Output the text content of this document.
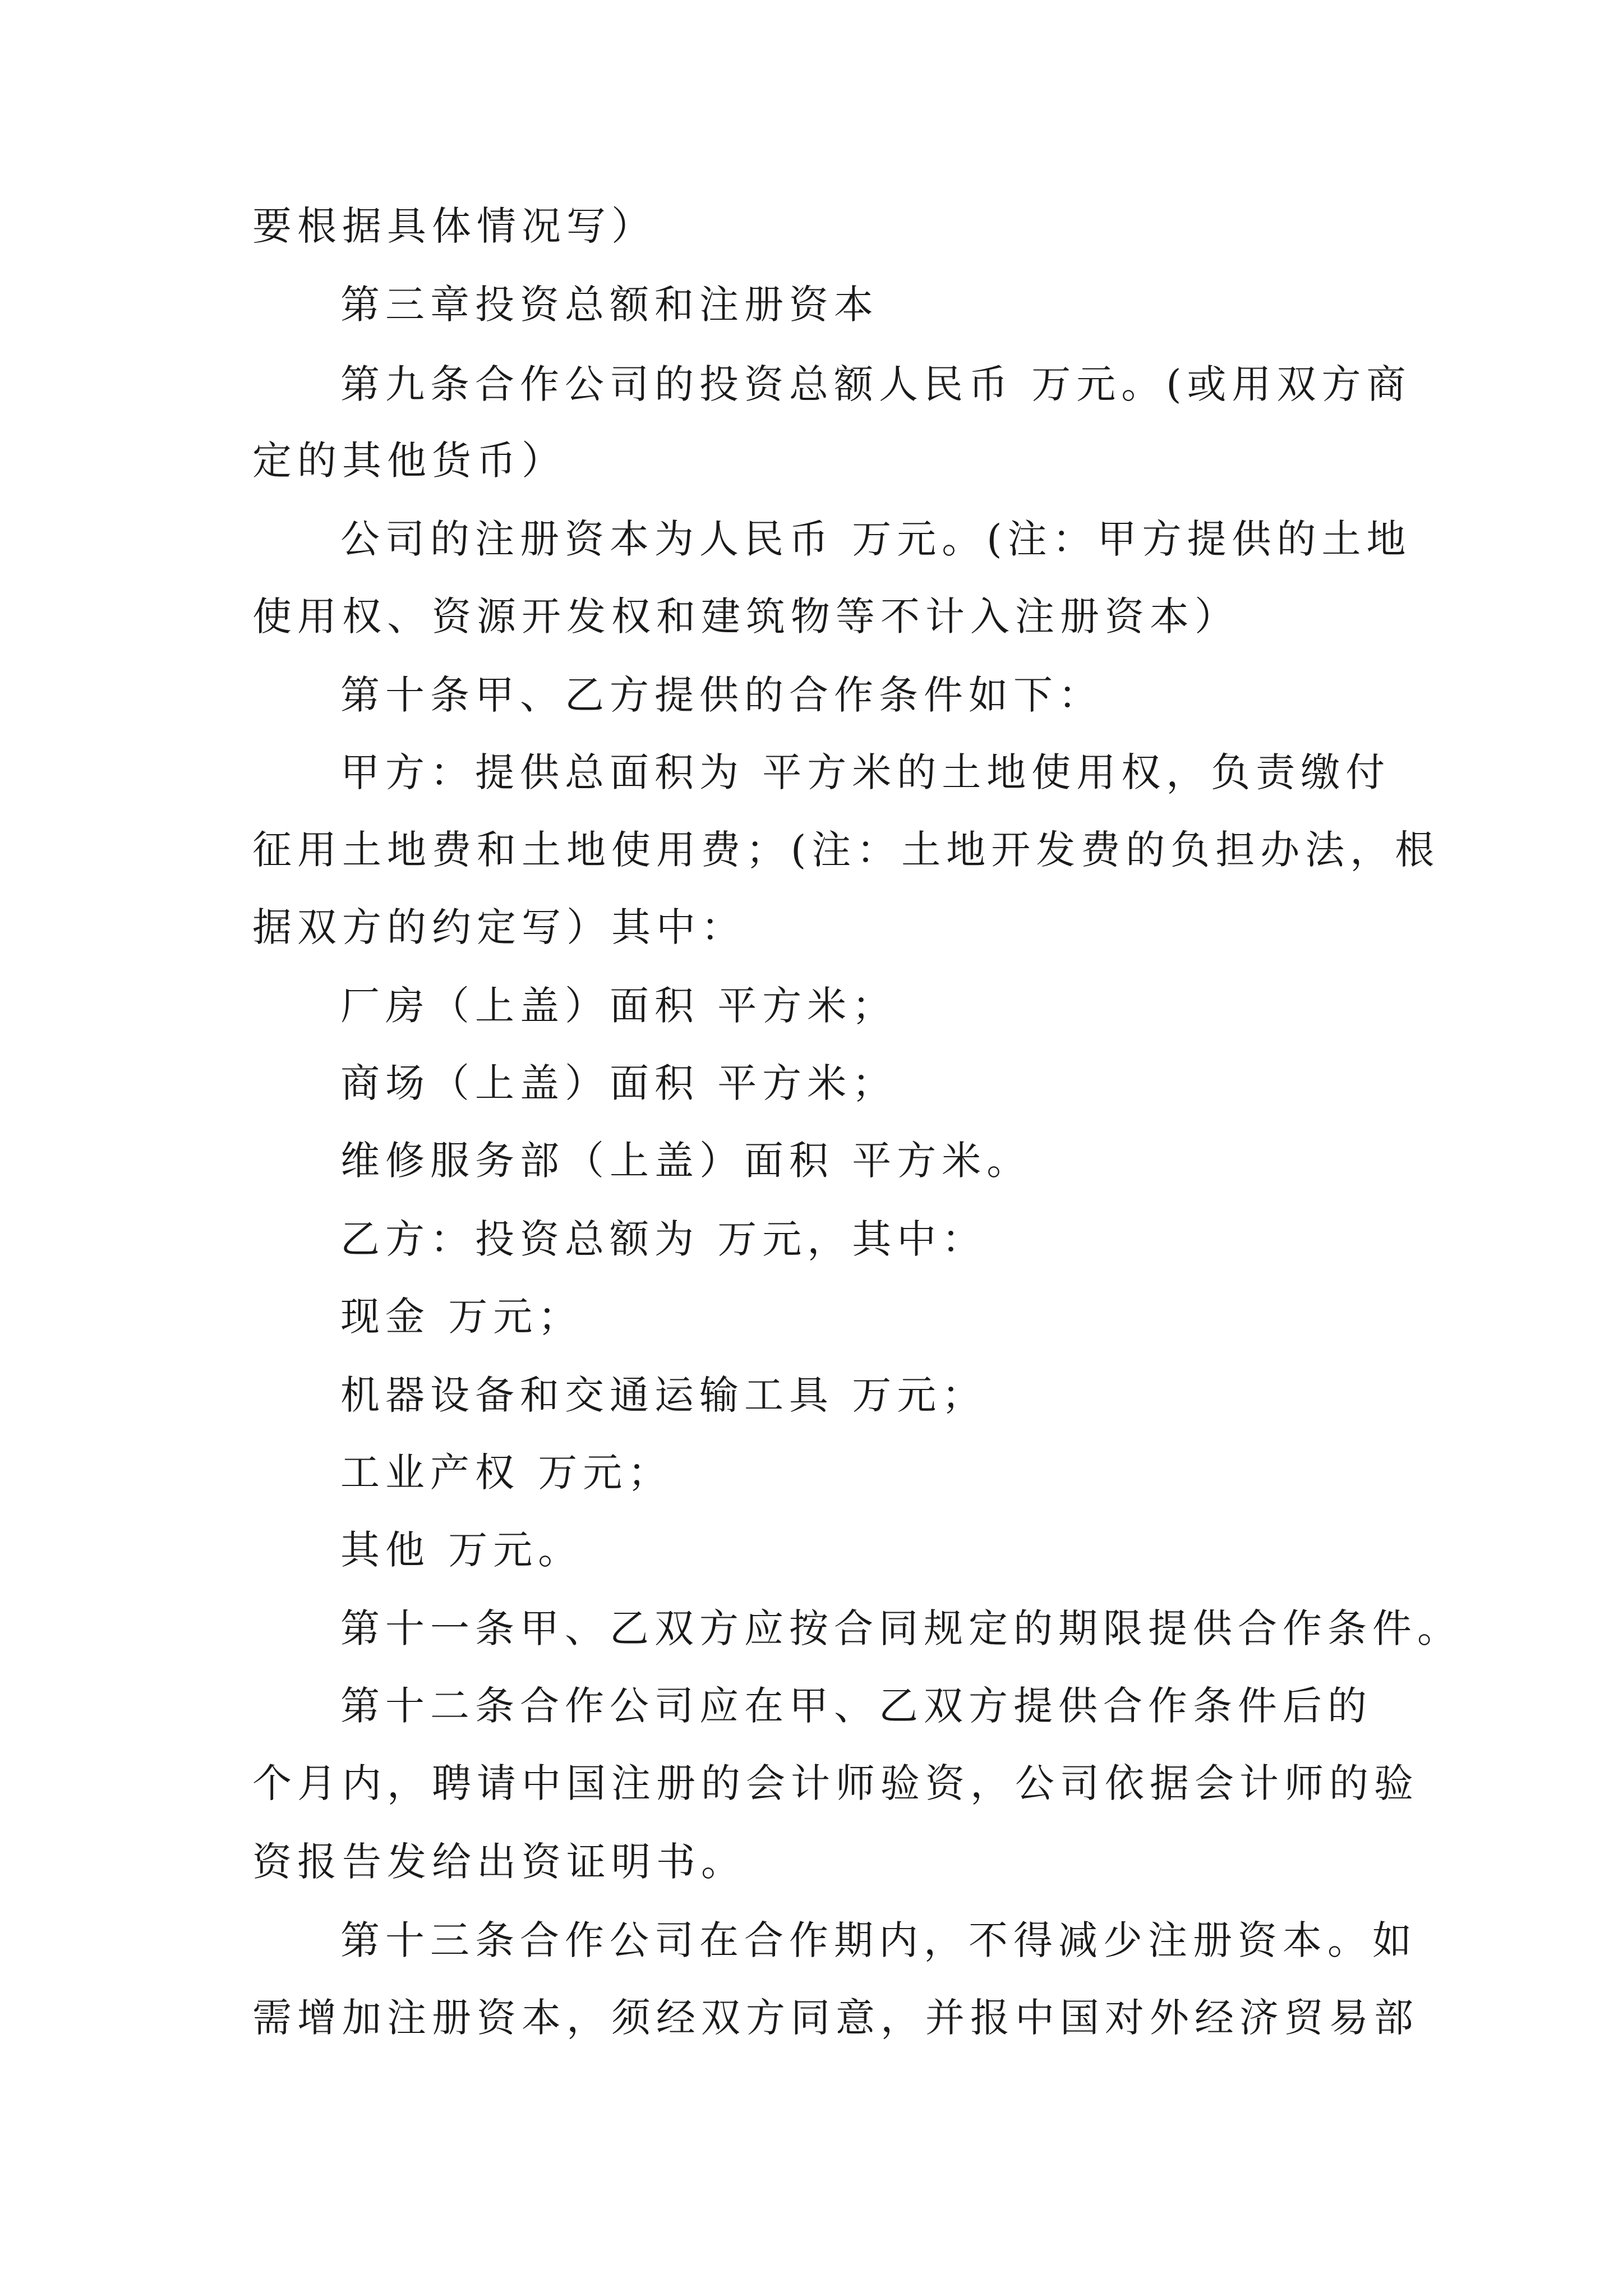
要根据具体情况写）
第三章投资总额和注册资本
第九条合作公司的投资总额人民币 万元。(或用双方商
定的其他货币）
公司的注册资本为人民币 万元。(注：甲方提供的土地
使用权、资源开发权和建筑物等不计入注册资本）
第十条甲、乙方提供的合作条件如下：
甲方：提供总面积为 平方米的土地使用权，负责缴付
征用土地费和土地使用费；(注：土地开发费的负担办法，根
据双方的约定写）其中：
厂房（上盖）面积 平方米；
商场（上盖）面积 平方米；
维修服务部（上盖）面积 平方米。
乙方：投资总额为 万元，其中：
现金 万元；
机器设备和交通运输工具 万元；
工业产权 万元；
其他 万元。
第十一条甲、乙双方应按合同规定的期限提供合作条件。
第十二条合作公司应在甲、乙双方提供合作条件后的
个月内，聘请中国注册的会计师验资，公司依据会计师的验
资报告发给出资证明书。
第十三条合作公司在合作期内，不得减少注册资本。如
需增加注册资本，须经双方同意，并报中国对外经济贸易部
